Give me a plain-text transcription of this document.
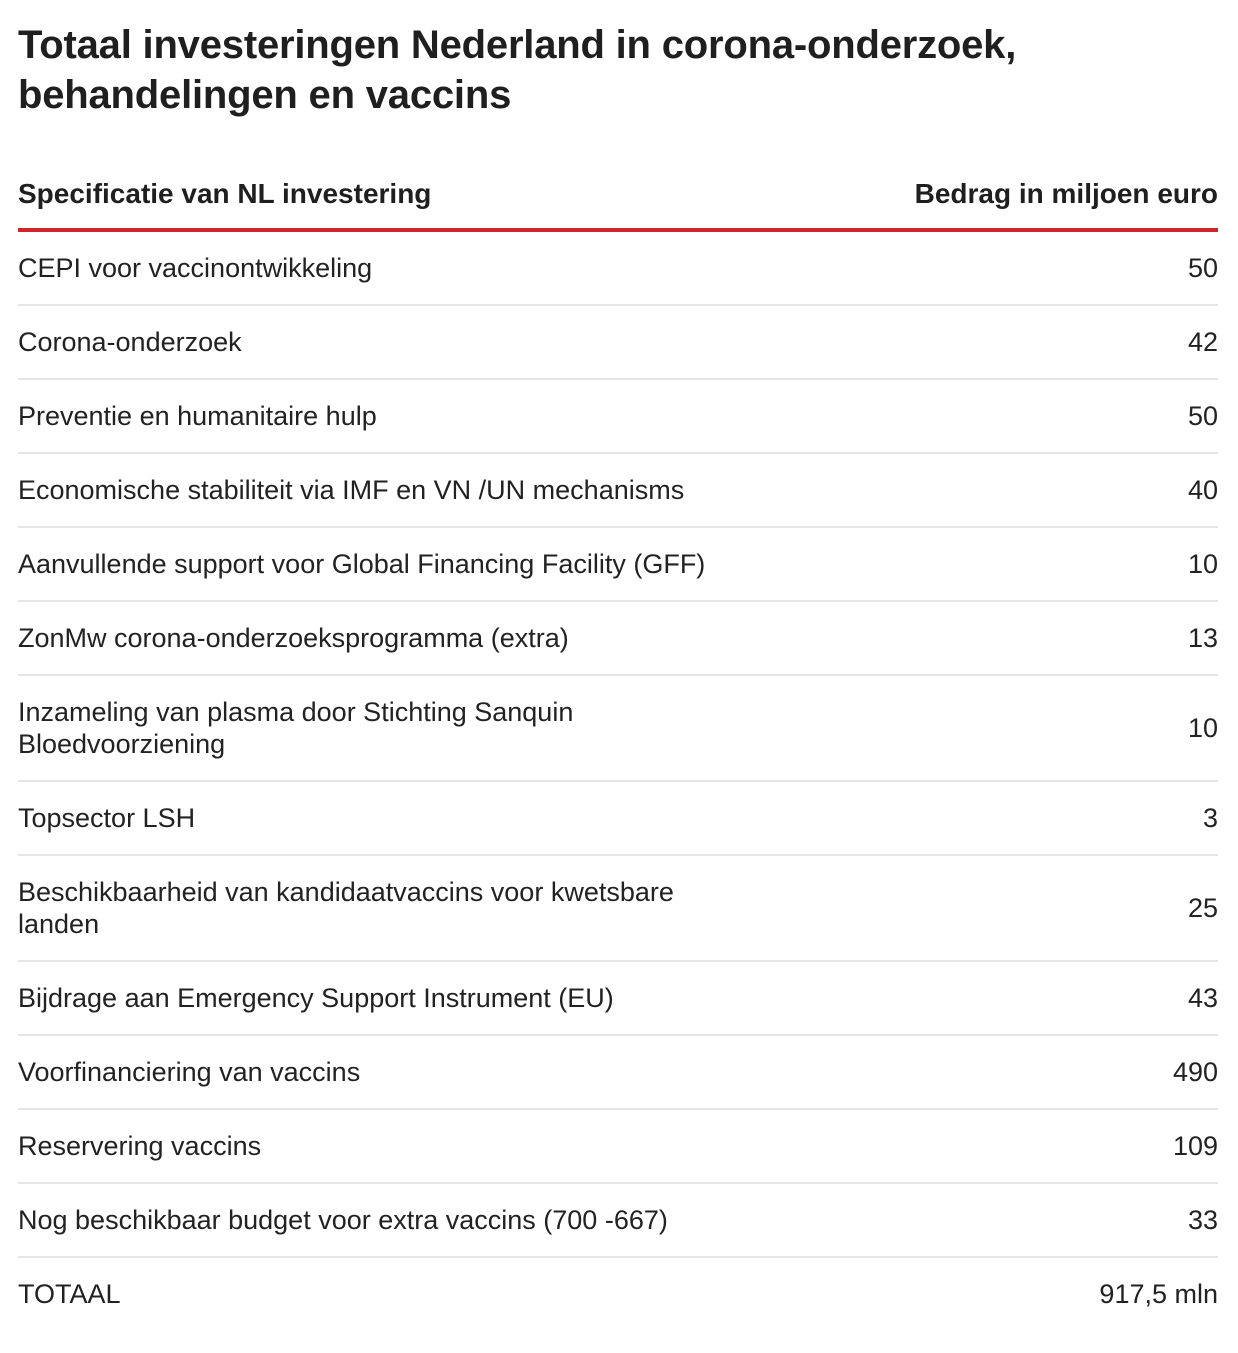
Totaal investeringen Nederland in corona-onderzoek, behandelingen en vaccins
Specificatie van NL investering	Bedrag in miljoen euro
CEPI voor vaccinontwikkeling	50
Corona-onderzoek	42
Preventie en humanitaire hulp	50
Economische stabiliteit via IMF en VN /UN mechanisms	40
Aanvullende support voor Global Financing Facility (GFF)	10
ZonMw corona-onderzoeksprogramma (extra)	13
Inzameling van plasma door Stichting Sanquin Bloedvoorziening	10
Topsector LSH	3
Beschikbaarheid van kandidaatvaccins voor kwetsbare landen	25
Bijdrage aan Emergency Support Instrument (EU)	43
Voorfinanciering van vaccins	490
Reservering vaccins	109
Nog beschikbaar budget voor extra vaccins (700 -667)	33
TOTAAL	917,5 mln
